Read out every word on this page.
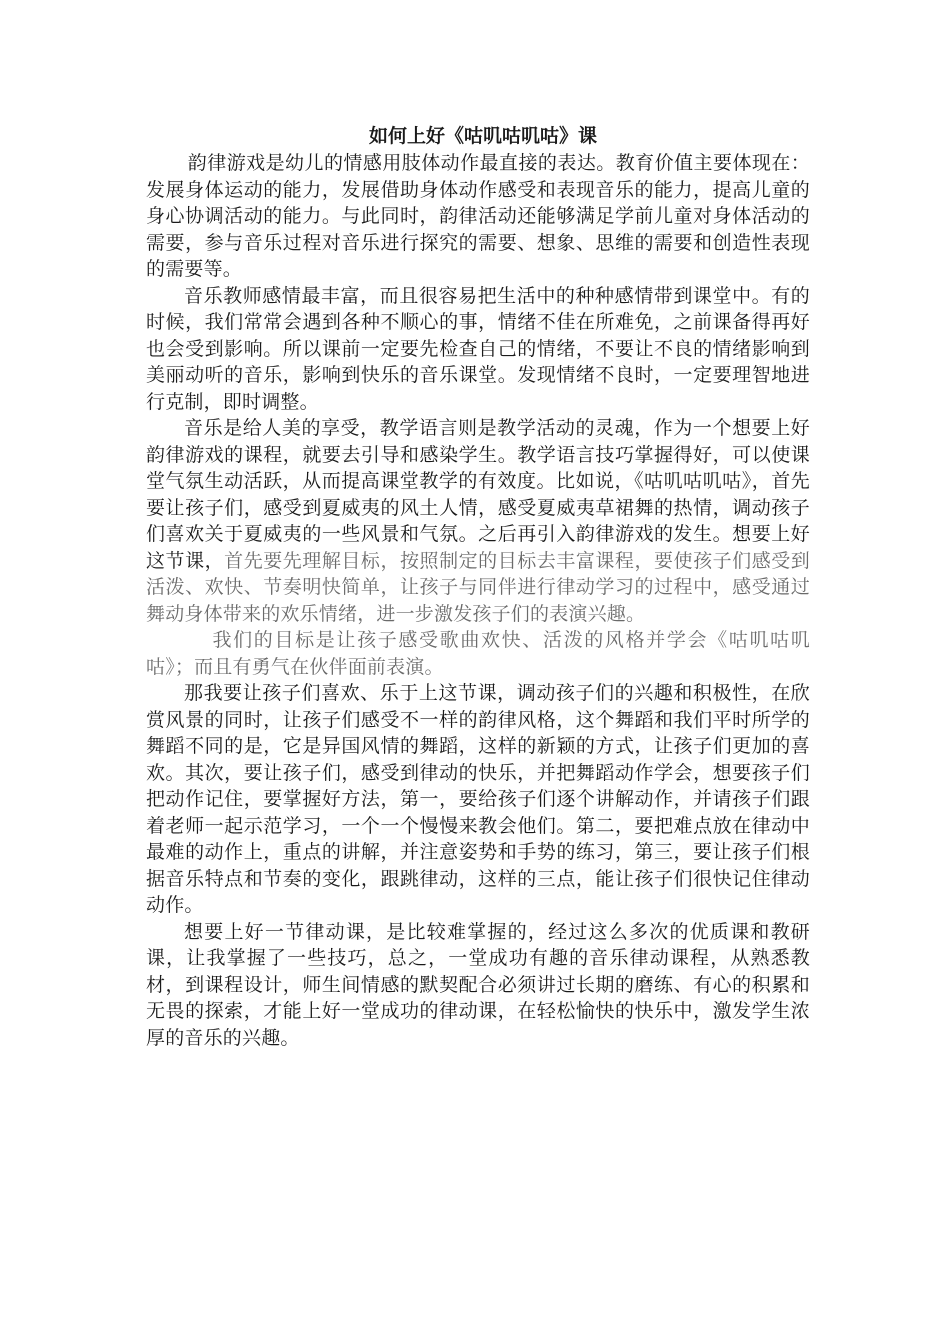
如何上好《咕叽咕叽咕》课

韵律游戏是幼儿的情感用肢体动作最直接的表达。教育价值主要体现在：发展身体运动的能力，发展借助身体动作感受和表现音乐的能力，提高儿童的身心协调活动的能力。与此同时，韵律活动还能够满足学前儿童对身体活动的需要，参与音乐过程对音乐进行探究的需要、想象、思维的需要和创造性表现的需要等。

音乐教师感情最丰富，而且很容易把生活中的种种感情带到课堂中。有的时候，我们常常会遇到各种不顺心的事，情绪不佳在所难免，之前课备得再好也会受到影响。所以课前一定要先检查自己的情绪，不要让不良的情绪影响到美丽动听的音乐，影响到快乐的音乐课堂。发现情绪不良时，一定要理智地进行克制，即时调整。

音乐是给人美的享受，教学语言则是教学活动的灵魂，作为一个想要上好韵律游戏的课程，就要去引导和感染学生。教学语言技巧掌握得好，可以使课堂气氛生动活跃，从而提高课堂教学的有效度。比如说，《咕叽咕叽咕》，首先要让孩子们，感受到夏威夷的风土人情，感受夏威夷草裙舞的热情，调动孩子们喜欢关于夏威夷的一些风景和气氛。之后再引入韵律游戏的发生。想要上好这节课，首先要先理解目标，按照制定的目标去丰富课程，要使孩子们感受到活泼、欢快、节奏明快简单，让孩子与同伴进行律动学习的过程中，感受通过舞动身体带来的欢乐情绪，进一步激发孩子们的表演兴趣。

我们的目标是让孩子感受歌曲欢快、活泼的风格并学会《咕叽咕叽咕》；而且有勇气在伙伴面前表演。

那我要让孩子们喜欢、乐于上这节课，调动孩子们的兴趣和积极性，在欣赏风景的同时，让孩子们感受不一样的韵律风格，这个舞蹈和我们平时所学的舞蹈不同的是，它是异国风情的舞蹈，这样的新颖的方式，让孩子们更加的喜欢。其次，要让孩子们，感受到律动的快乐，并把舞蹈动作学会，想要孩子们把动作记住，要掌握好方法，第一，要给孩子们逐个讲解动作，并请孩子们跟着老师一起示范学习，一个一个慢慢来教会他们。第二，要把难点放在律动中最难的动作上，重点的讲解，并注意姿势和手势的练习，第三，要让孩子们根据音乐特点和节奏的变化，跟跳律动，这样的三点，能让孩子们很快记住律动动作。

想要上好一节律动课，是比较难掌握的，经过这么多次的优质课和教研课，让我掌握了一些技巧，总之，一堂成功有趣的音乐律动课程，从熟悉教材，到课程设计，师生间情感的默契配合必须讲过长期的磨练、有心的积累和无畏的探索，才能上好一堂成功的律动课，在轻松愉快的快乐中，激发学生浓厚的音乐的兴趣。
